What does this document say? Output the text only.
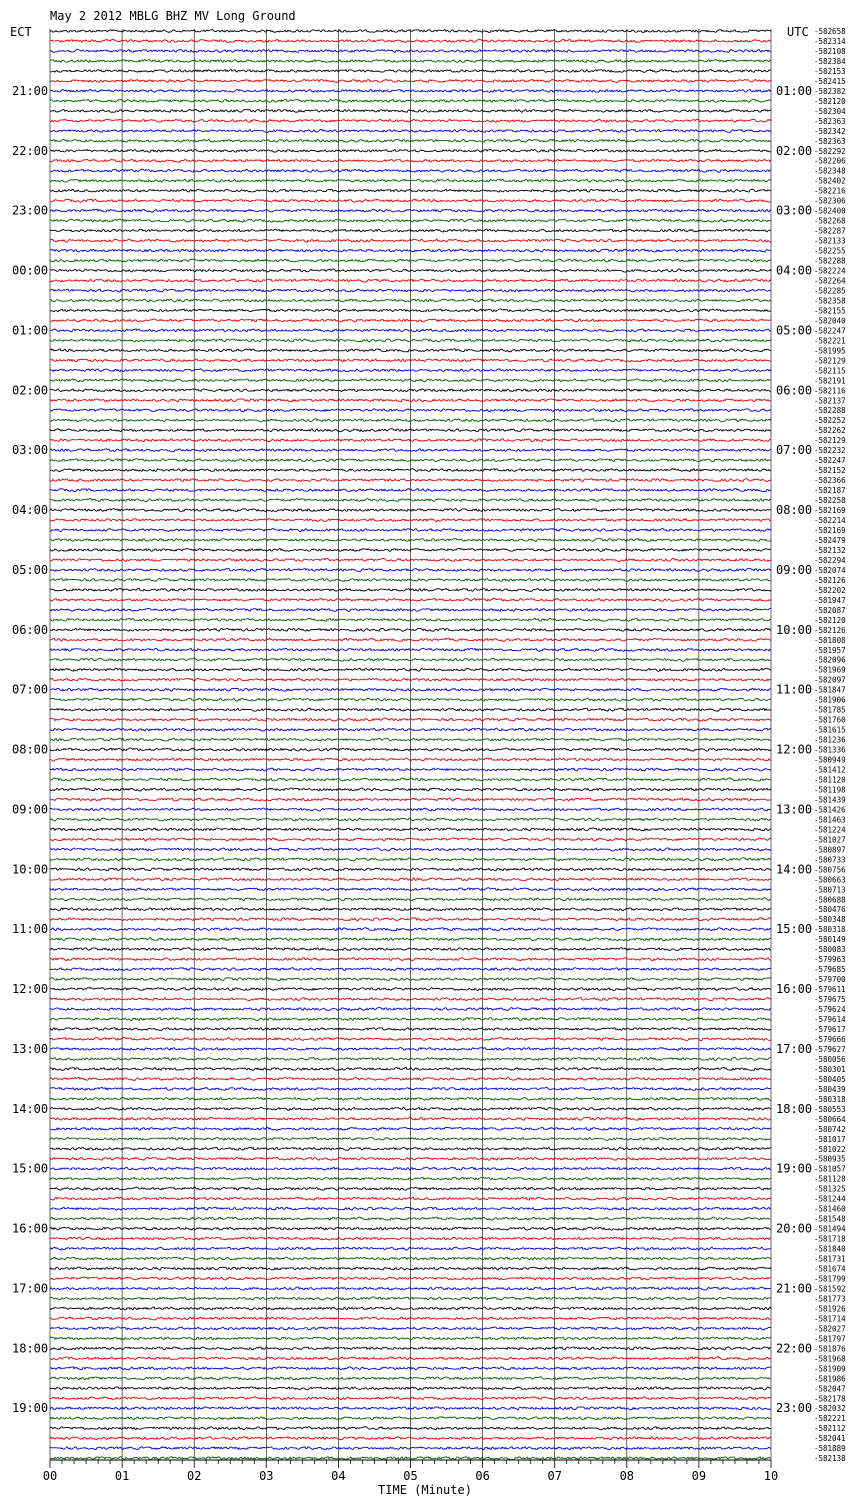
21:00
22:00
23:00
00:00
01:00
02:00
03:00
04:00
05:00
06:00
07:00
08:00
09:00
10:00
11:00
12:00
13:00
14:00
15:00
16:00
17:00
18:00
19:00
01:00
02:00
03:00
04:00
05:00
06:00
07:00
08:00
09:00
10:00
11:00
12:00
13:00
14:00
15:00
16:00
17:00
18:00
19:00
20:00
21:00
22:00
23:00
-582658
-582314
-582108
-582384
-582153
-582415
-582382
-582120
-582304
-582363
-582342
-582363
-582292
-582206
-582348
-582402
-582216
-582306
-582400
-582268
-582287
-582133
-582255
-582288
-582224
-582264
-582285
-582358
-582155
-582040
-582247
-582221
-581995
-582129
-582115
-582191
-582116
-582137
-582288
-582252
-582262
-582129
-582232
-582247
-582152
-582366
-582187
-582258
-582169
-582214
-582169
-582479
-582132
-582294
-582074
-582126
-582202
-581947
-582087
-582120
-582126
-581808
-581957
-582096
-581969
-582097
-581847
-581906
-581785
-581760
-581615
-581236
-581336
-580949
-581412
-581120
-581198
-581439
-581426
-581463
-581224
-581027
-580897
-580733
-580756
-580663
-580713
-580688
-580476
-580348
-580318
-580149
-580083
-579963
-579685
-579700
-579611
-579675
-579624
-579614
-579617
-579666
-579627
-580056
-580301
-580405
-580439
-580318
-580553
-580664
-580742
-581017
-581022
-580935
-581057
-581128
-581325
-581244
-581460
-581548
-581494
-581718
-581840
-581731
-581674
-581799
-581592
-581773
-581926
-581714
-582027
-581797
-581876
-581968
-581909
-581986
-582047
-582178
-582032
-582221
-582112
-582041
-581889
-582138
00	01	02	03	04	05	06	07	08	09	10
May 2 2012 MBLG BHZ MV Long Ground
ECT	UTC
TIME (Minute)
